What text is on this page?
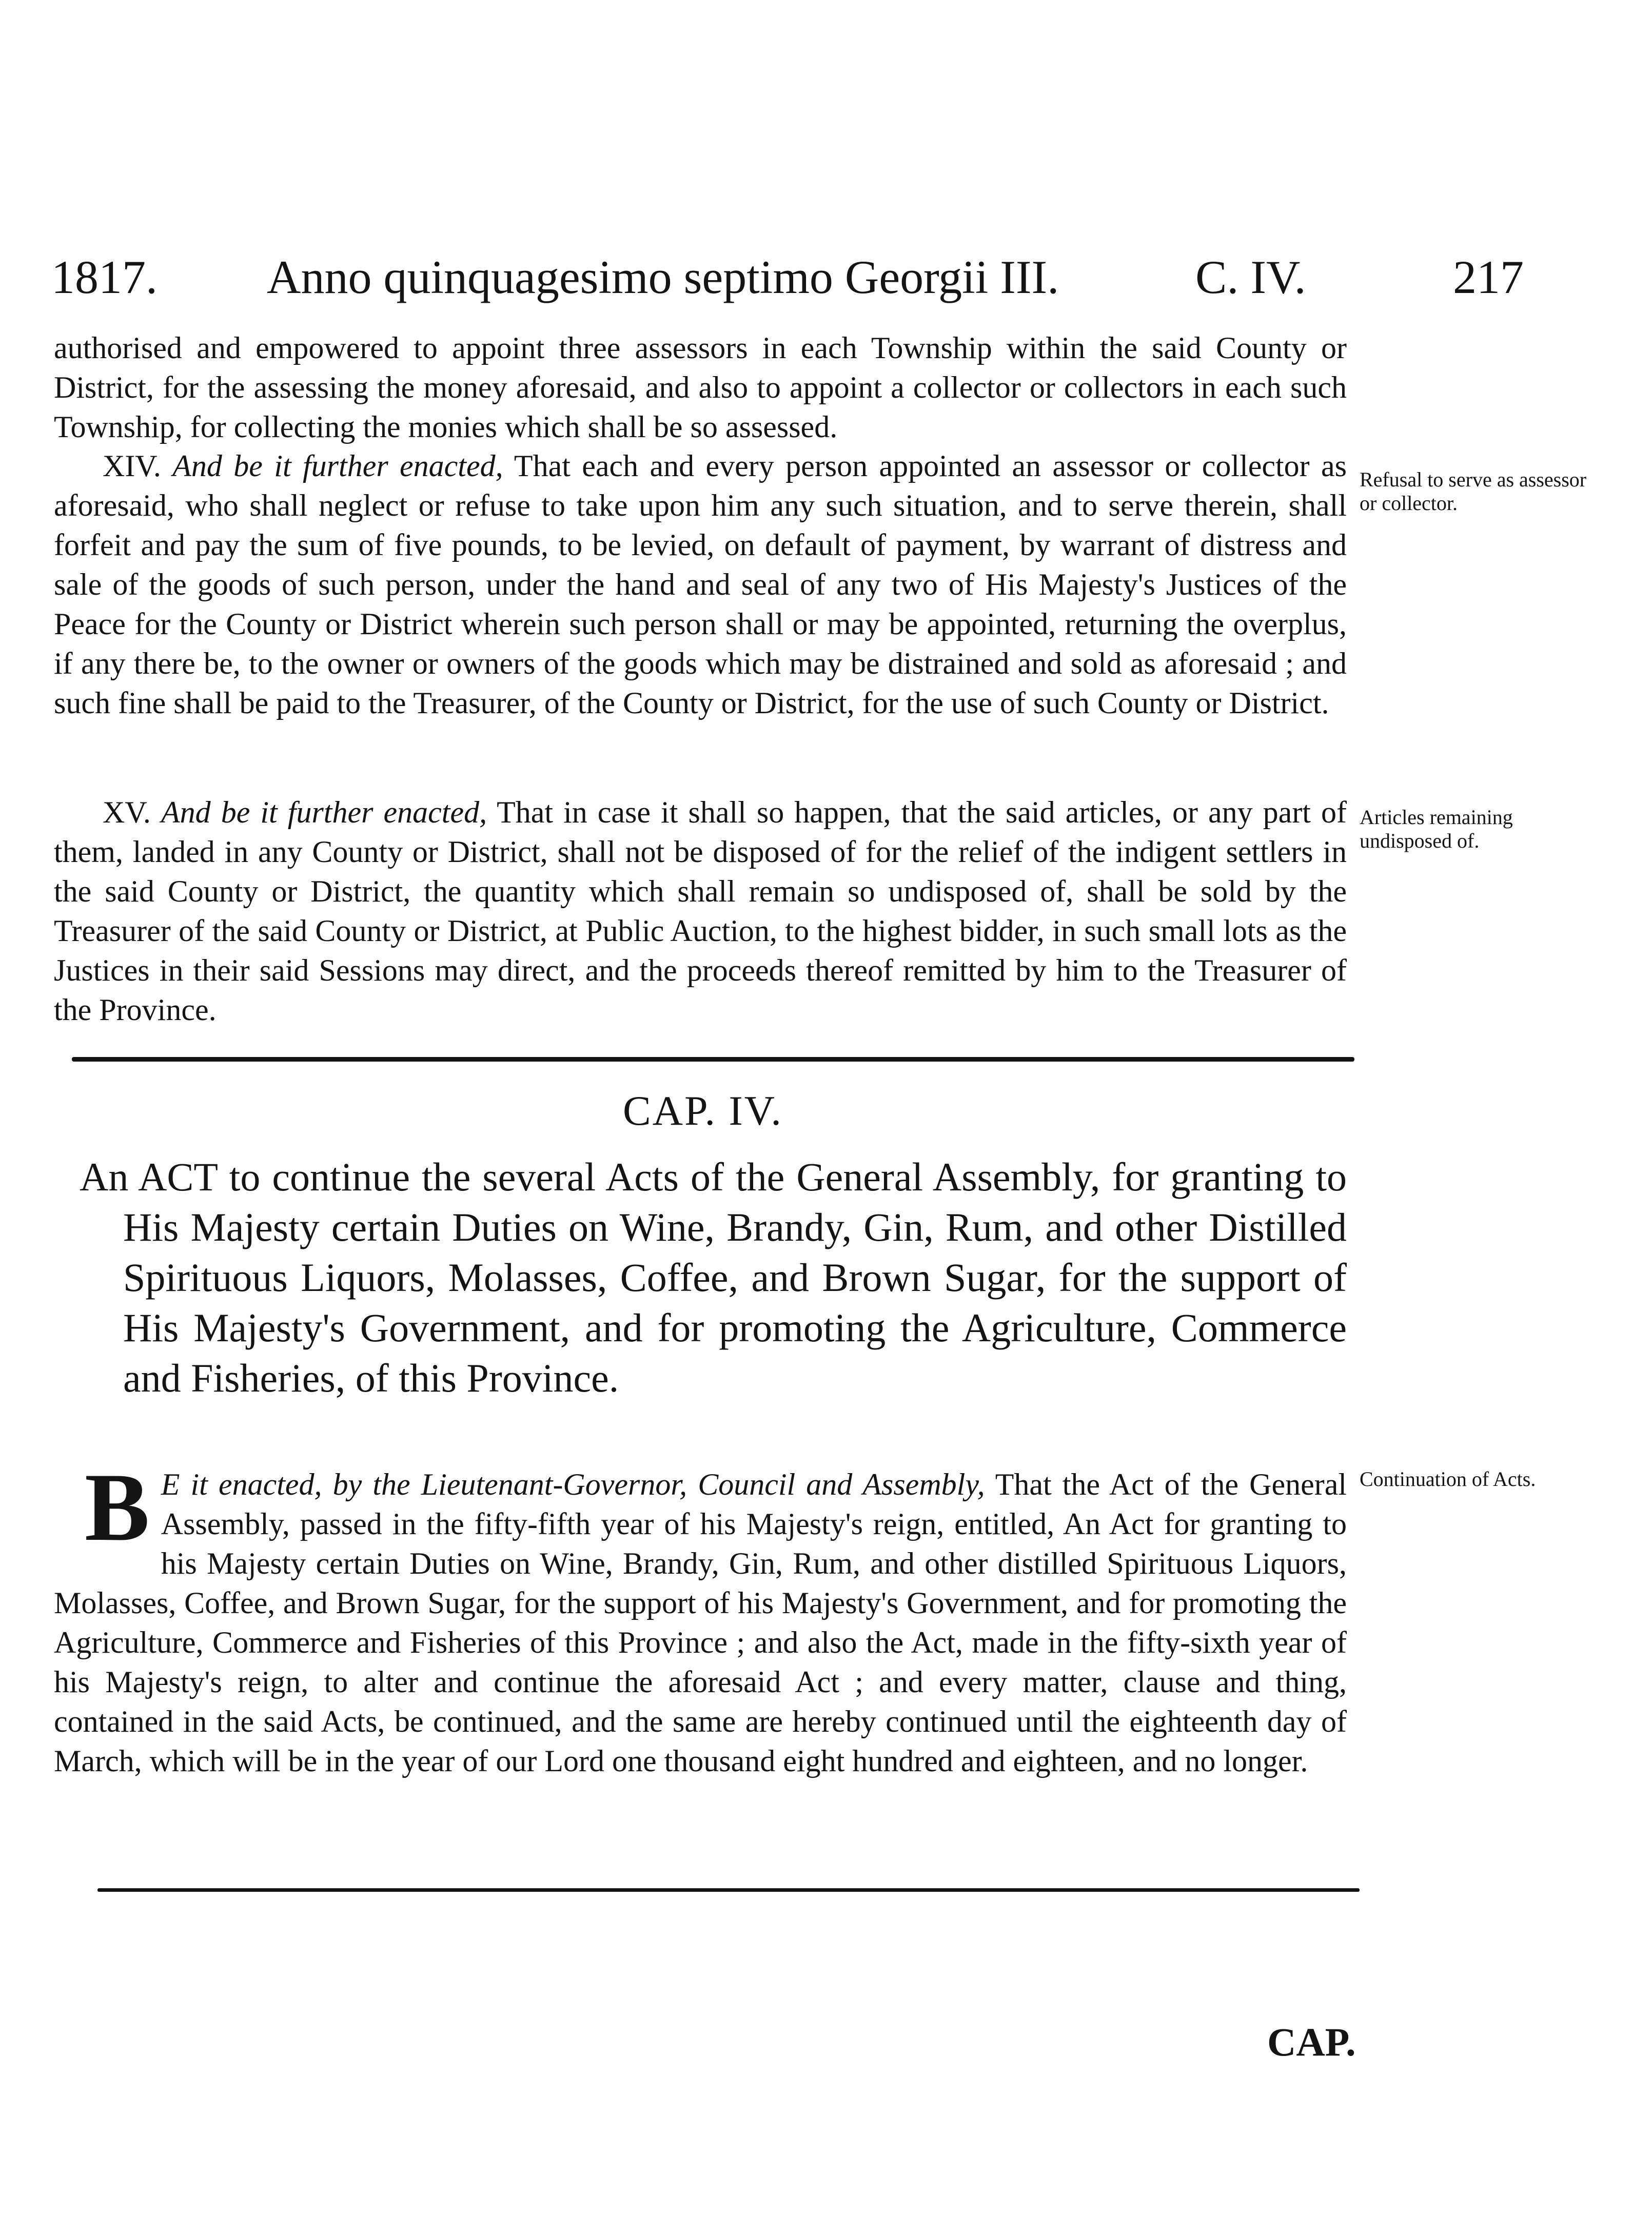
1817. Anno quinquagesimo septimo Georgii III.	C. IV.	217

authorised and empowered to appoint three assessors in each Township within the said County or District, for the assessing the money aforesaid, and also to appoint a collector or collectors in each such Township, for collecting the monies which shall be so assessed.

XIV. And be it further enacted, That each and every person appointed an assessor or collector as aforesaid, who shall neglect or refuse to take upon him any such situation, and to serve therein, shall forfeit and pay the sum of five pounds, to be levied, on default of payment, by warrant of distress and sale of the goods of such person, under the hand and seal of any two of His Majesty's Justices of the Peace for the County or District wherein such person shall or may be appointed, returning the overplus, if any there be, to the owner or owners of the goods which may be distrained and sold as aforesaid ; and such fine shall be paid to the Treasurer, of the County or District, for the use of such County or District.

Refusal to serve as assessor or collector.

XV. And be it further enacted, That in case it shall so happen, that the said articles, or any part of them, landed in any County or District, shall not be disposed of for the relief of the indigent settlers in the said County or District, the quantity which shall remain so undisposed of, shall be sold by the Treasurer of the said County or District, at Public Auction, to the highest bidder, in such small lots as the Justices in their said Sessions may direct, and the proceeds thereof remitted by him to the Treasurer of the Province.

Articles remaining undisposed of.
CAP. IV.
An ACT to continue the several Acts of the General Assembly, for granting to His Majesty certain Duties on Wine, Brandy, Gin, Rum, and other Distilled Spirituous Liquors, Molasses, Coffee, and Brown Sugar, for the support of His Majesty's Government, and for promoting the Agriculture, Commerce and Fisheries, of this Province.
B E it enacted, by the Lieutenant-Governor, Council and Assembly, That the Act of the General Assembly, passed in the fifty-fifth year of his Majesty's reign, entitled, An Act for granting to his Majesty certain Duties on Wine, Brandy, Gin, Rum, and other distilled Spirituous Liquors, Molasses, Coffee, and Brown Sugar, for the support of his Majesty's Government, and for promoting the Agriculture, Commerce and Fisheries of this Province ; and also the Act, made in the fifty-sixth year of his Majesty's reign, to alter and continue the aforesaid Act ; and every matter, clause and thing, contained in the said Acts, be continued, and the same are hereby continued until the eighteenth day of March, which will be in the year of our Lord one thousand eight hundred and eighteen, and no longer.

Continuation of Acts.
CAP.
